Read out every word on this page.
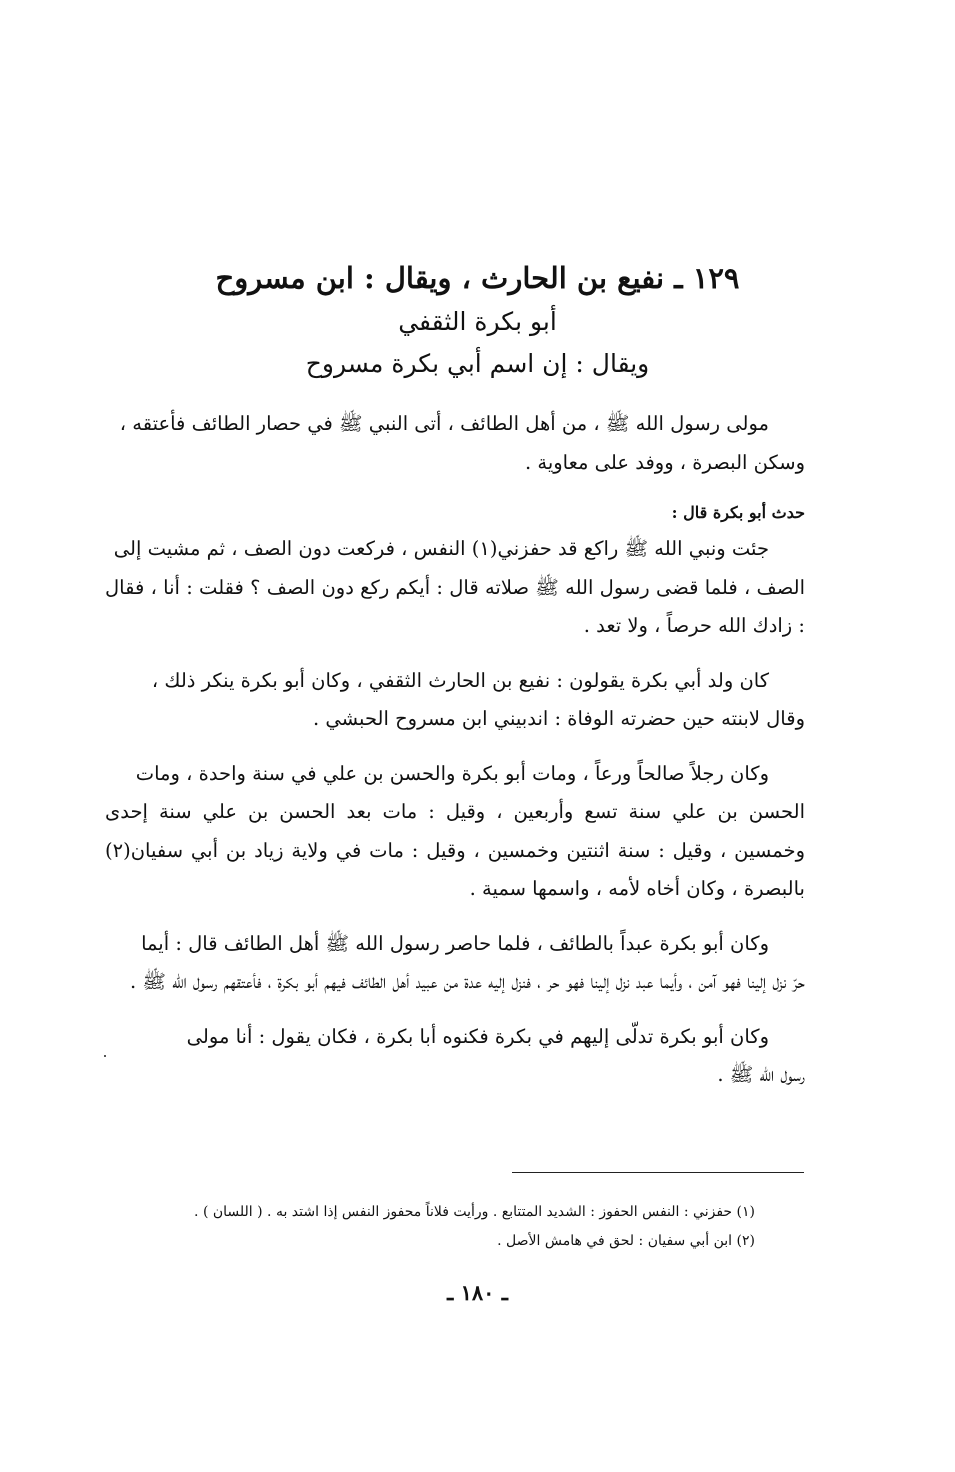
١٢٩ ـ نفيع بن الحارث ، ويقال : ابن مسروح
أبو بكرة الثقفي
ويقال : إن اسم أبي بكرة مسروح

مولى رسول الله ﷺ ، من أهل الطائف ، أتى النبي ﷺ في حصار الطائف فأعتقه ،

وسكن البصرة ، ووفد على معاوية .

حدث أبو بكرة قال :

جئت ونبي الله ﷺ راكع قد حفزني(١) النفس ، فركعت دون الصف ، ثم مشيت إلى

الصف ، فلما قضى رسول الله ﷺ صلاته قال : أيكم ركع دون الصف ؟ فقلت : أنا ، فقال : زادك الله حرصاً ، ولا تعد .

كان ولد أبي بكرة يقولون : نفيع بن الحارث الثقفي ، وكان أبو بكرة ينكر ذلك ،

وقال لابنته حين حضرته الوفاة : اندبيني ابن مسروح الحبشي .

وكان رجلاً صالحاً ورعاً ، ومات أبو بكرة والحسن بن علي في سنة واحدة ، ومات

الحسن بن علي سنة تسع وأربعين ، وقيل : مات بعد الحسن بن علي سنة إحدى وخمسين ، وقيل : سنة اثنتين وخمسين ، وقيل : مات في ولاية زياد بن أبي سفيان(٢) بالبصرة ، وكان أخاه لأمه ، واسمها سمية .

وكان أبو بكرة عبداً بالطائف ، فلما حاصر رسول الله ﷺ أهل الطائف قال : أيما

حرّ نزل إلينا فهو آمن ، وأيما عبد نزل إلينا فهو حر ، فنزل إليه عدة من عبيد أهل الطائف فيهم أبو بكرة ، فأعتقهم رسول الله ﷺ .

وكان أبو بكرة تدلّى إليهم في بكرة فكنوه أبا بكرة ، فكان يقول : أنا مولى

رسول الله ﷺ .

(١) حفزني : النفس الحفوز : الشديد المتتابع . ورأيت فلاناً محفوز النفس إذا اشتد به . ( اللسان ) .

(٢) ابن أبي سفيان : لحق في هامش الأصل .

ـ ١٨٠ ـ
